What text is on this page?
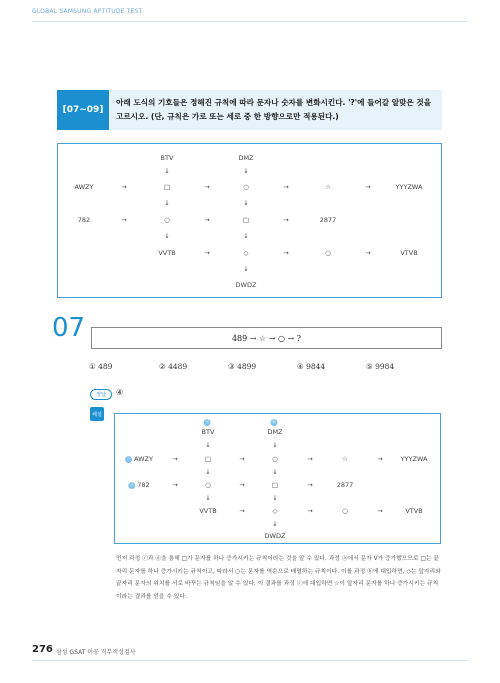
GLOBAL SAMSUNG APTITUDE TEST
[07~09]
아래 도식의 기호들은 정해진 규칙에 따라 문자나 숫자를 변화시킨다. '?'에 들어갈 알맞은 것을 고르시오. (단, 규칙은 가로 또는 세로 중 한 방향으로만 적용된다.)
BTV	DMZ
↓	↓
AWZY	→	□	→	○	→	☆	→	YYYZWA
↓	↓
782	→	○	→	□	→	2877
↓	↓
VVTB	→	◇	→	○	→	VTVB
↓
DWDZ
07	489 → ☆ → ○ → ?
① 489	② 4489	③ 4899	④ 9844	⑤ 9984
정답	④
해설
ⓐ	ⓑ
BTV	DMZ
↓	↓
ⓒ AWZY	→	□	→	○	→	☆	→	YYYZWA
↓	↓
ⓓ 782	→	○	→	□	→	2877
↓	↓
VVTB	→	◇	→	○	→	VTVB
↓
DWDZ
먼저 과정 ⓒ과 ⓓ을 통해 □가 문자를 하나 증가시키는 규칙이라는 것을 알 수 있다. 과정 ⓐ에서 문자 V가 증가했으므로 □는 끝자리 문자를 하나 증가시키는 규칙이고, 따라서 ○는 문자를 역순으로 배열하는 규칙이다. 이를 과정 ⓑ에 대입하면, ◇는 앞자리와 끝자리 문자의 위치를 서로 바꾸는 규칙임을 알 수 있다. 이 결과를 과정 ⓒ에 대입하면 ☆이 앞자리 문자를 하나 증가시키는 규칙이라는 결과를 얻을 수 있다.
276 삼성 GSAT 이공 직무적성검사
